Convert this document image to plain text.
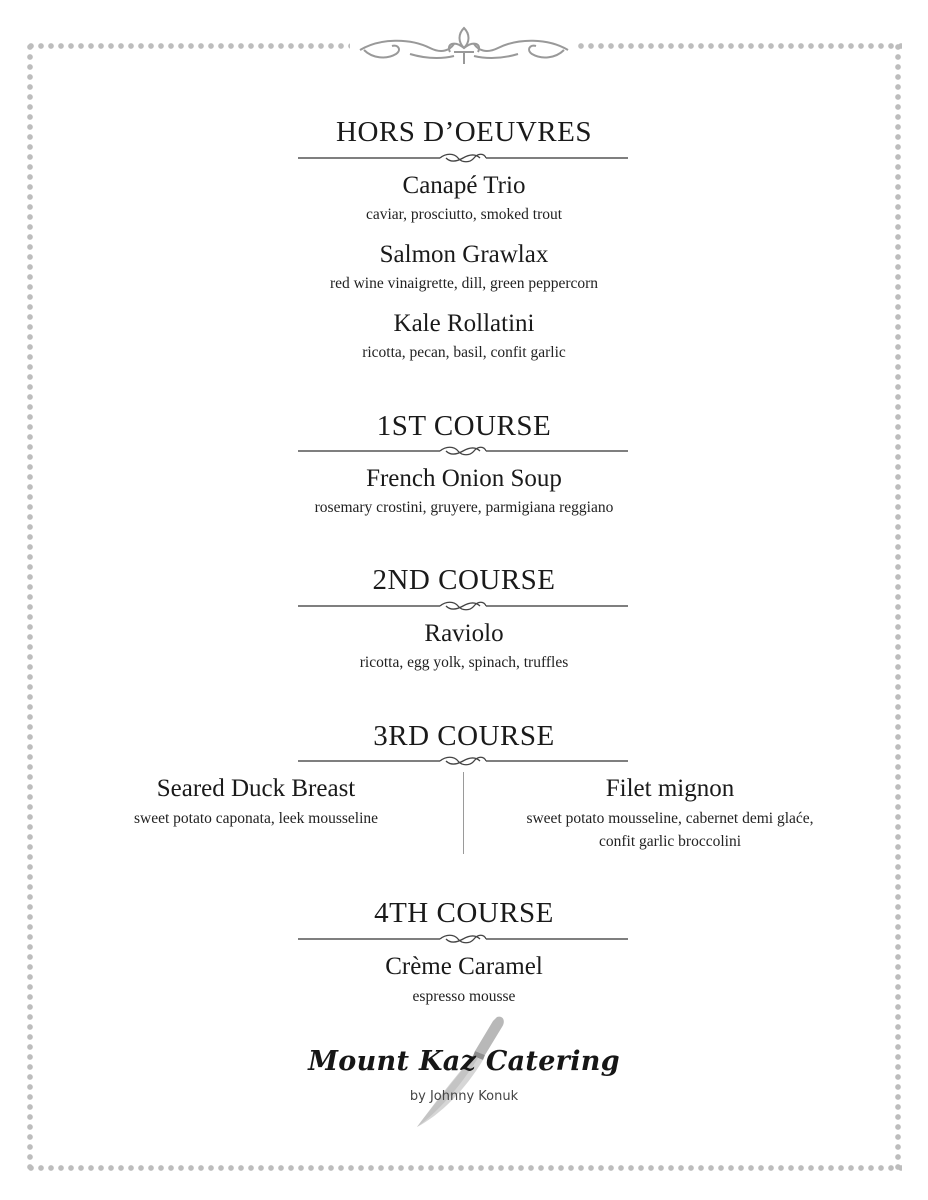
HORS D’OEUVRES
Canapé Trio
caviar, prosciutto, smoked trout
Salmon Grawlax
red wine vinaigrette, dill, green peppercorn
Kale Rollatini
ricotta, pecan, basil, confit garlic
1ST COURSE
French Onion Soup
rosemary crostini, gruyere, parmigiana reggiano
2ND COURSE
Raviolo
ricotta, egg yolk, spinach, truffles
3RD COURSE
Seared Duck Breast
sweet potato caponata, leek mousseline
Filet mignon
sweet potato mousseline, cabernet demi glaće,
confit garlic broccolini
4TH COURSE
Crème Caramel
espresso mousse
Mount Kaz Catering
by Johnny Konuk
